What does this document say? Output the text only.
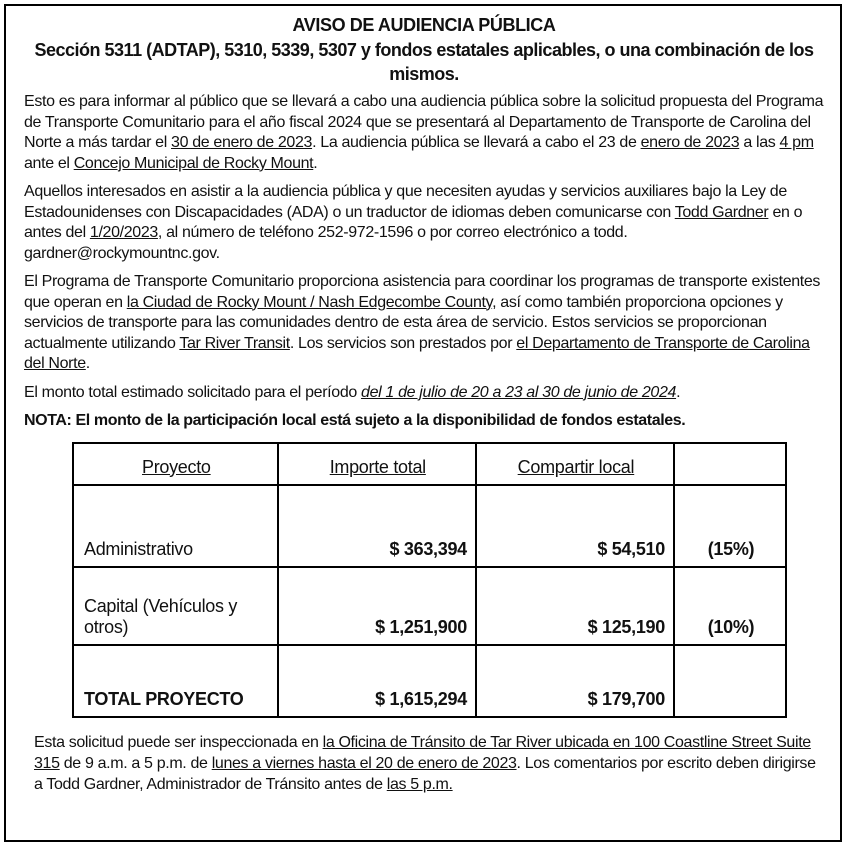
AVISO DE AUDIENCIA PÚBLICA
Sección 5311 (ADTAP), 5310, 5339, 5307 y fondos estatales aplicables, o una combinación de los mismos.

Esto es para informar al público que se llevará a cabo una audiencia pública sobre la solicitud propuesta del Programa de Transporte Comunitario para el año fiscal 2024 que se presentará al Departamento de Transporte de Carolina del Norte a más tardar el 30 de enero de 2023. La audiencia pública se llevará a cabo el 23 de enero de 2023 a las 4 pm ante el Concejo Municipal de Rocky Mount.

Aquellos interesados en asistir a la audiencia pública y que necesiten ayudas y servicios auxiliares bajo la Ley de Estadounidenses con Discapacidades (ADA) o un traductor de idiomas deben comunicarse con Todd Gardner en o antes del 1/20/2023, al número de teléfono 252-972-1596 o por correo electrónico a todd. gardner@rockymountnc.gov.

El Programa de Transporte Comunitario proporciona asistencia para coordinar los programas de transporte existentes que operan en la Ciudad de Rocky Mount / Nash Edgecombe County, así como también proporciona opciones y servicios de transporte para las comunidades dentro de esta área de servicio. Estos servicios se proporcionan actualmente utilizando Tar River Transit. Los servicios son prestados por el Departamento de Transporte de Carolina del Norte.

El monto total estimado solicitado para el período del 1 de julio de 20 a 23 al 30 de junio de 2024.

NOTA: El monto de la participación local está sujeto a la disponibilidad de fondos estatales.

Proyecto	Importe total	Compartir local	
Administrativo	$ 363,394	$ 54,510	(15%)
Capital (Vehículos y otros)	$ 1,251,900	$ 125,190	(10%)
TOTAL PROYECTO	$ 1,615,294	$ 179,700	

Esta solicitud puede ser inspeccionada en la Oficina de Tránsito de Tar River ubicada en 100 Coastline Street Suite 315 de 9 a.m. a 5 p.m. de lunes a viernes hasta el 20 de enero de 2023. Los comentarios por escrito deben dirigirse a Todd Gardner, Administrador de Tránsito antes de las 5 p.m.
